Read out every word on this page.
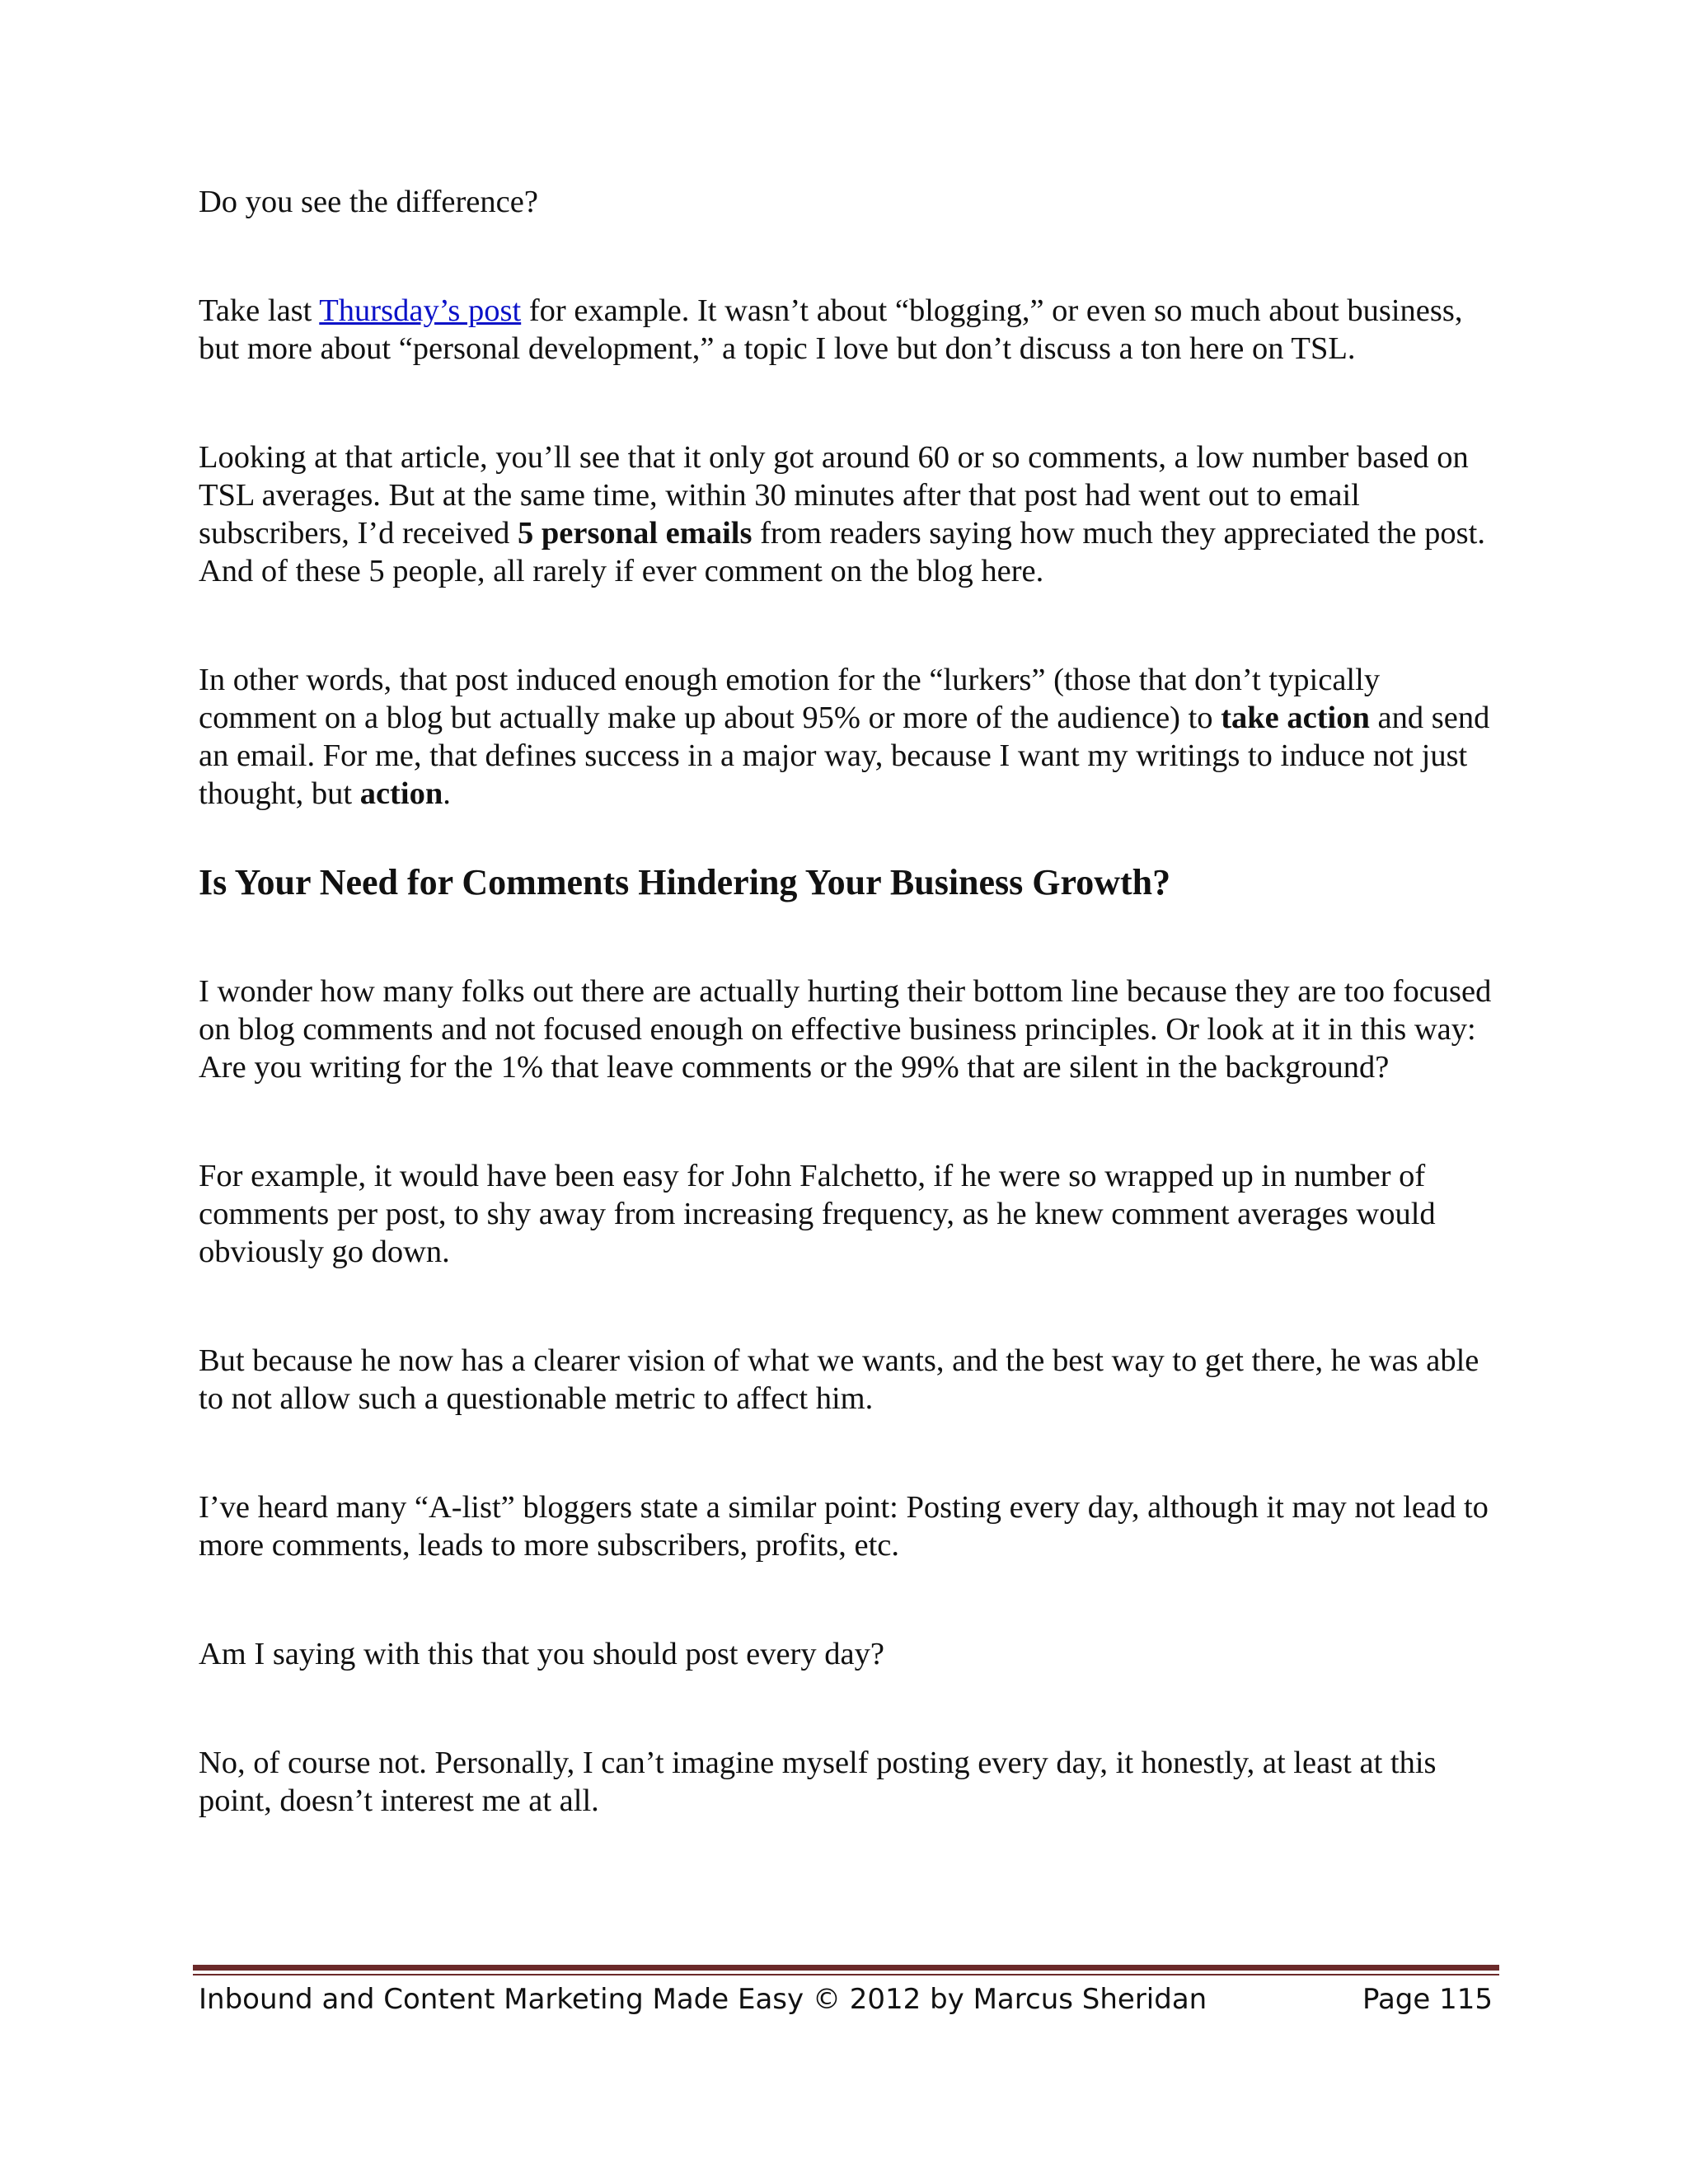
Do you see the difference?

Take last Thursday’s post for example. It wasn’t about “blogging,” or even so much about business, but more about “personal development,” a topic I love but don’t discuss a ton here on TSL.

Looking at that article, you’ll see that it only got around 60 or so comments, a low number based on TSL averages. But at the same time, within 30 minutes after that post had went out to email subscribers, I’d received 5 personal emails from readers saying how much they appreciated the post. And of these 5 people, all rarely if ever comment on the blog here.

In other words, that post induced enough emotion for the “lurkers” (those that don’t typically comment on a blog but actually make up about 95% or more of the audience) to take action and send an email. For me, that defines success in a major way, because I want my writings to induce not just thought, but action.

Is Your Need for Comments Hindering Your Business Growth?

I wonder how many folks out there are actually hurting their bottom line because they are too focused on blog comments and not focused enough on effective business principles. Or look at it in this way: Are you writing for the 1% that leave comments or the 99% that are silent in the background?

For example, it would have been easy for John Falchetto, if he were so wrapped up in number of comments per post, to shy away from increasing frequency, as he knew comment averages would obviously go down.

But because he now has a clearer vision of what we wants, and the best way to get there, he was able to not allow such a questionable metric to affect him.

I’ve heard many “A-list” bloggers state a similar point: Posting every day, although it may not lead to more comments, leads to more subscribers, profits, etc.

Am I saying with this that you should post every day?

No, of course not. Personally, I can’t imagine myself posting every day, it honestly, at least at this point, doesn’t interest me at all.

Inbound and Content Marketing Made Easy © 2012 by Marcus Sheridan	Page 115
